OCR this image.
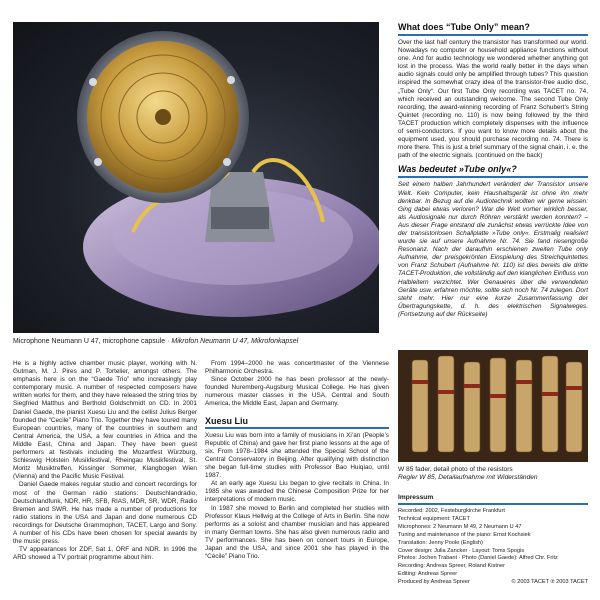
Microphone Neumann U 47, microphone capsule · Mikrofon Neumann U 47, Mikrofonkapsel

He is a highly active chamber music player, working with N. Gutman, M. J. Pires and P. Tortelier, amongst others. The emphasis here is on the “Gaede Trio” who increasingly play contemporary music. A number of respected composers have written works for them, and they have released the string trios by Siegfried Matthus and Berthold Goldschmidt on CD. In 2001 Daniel Gaede, the pianist Xuesu Liu and the cellist Julius Berger founded the “Cecile” Piano Trio. Together they have toured many European countries, many of the countries in southern and Central America, the USA, a few countries in Africa and the Middle East, China and Japan. They have been guest performers at festivals including the Mozartfest Würzburg, Schleswig Holstein Musikfestival, Rheingau Musikfestival, St. Moritz Musiktreffen, Kissinger Sommer, Klangbogen Wien (Vienna) and the Pacific Music Festival.

Daniel Gaede makes regular studio and concert recordings for most of the German radio stations: Deutschlandradio, Deutschlandfunk, NDR, HR, SFB, RIAS, MDR, SR, WDR, Radio Bremen and SWR. He has made a number of productions for radio stations in the USA and Japan and done numerous CD recordings for Deutsche Grammophon, TACET, Largo and Sony. A number of his CDs have been chosen for special awards by the music press.

TV appearances for ZDF, Sat 1, ORF and NDR. In 1996 the ARD showed a TV portrait programme about him.

From 1994–2000 he was concertmaster of the Viennese Philharmonic Orchestra.

Since October 2000 he has been professor at the newly-founded Nuremberg-Augsburg Musical College. He has given numerous master classes in the USA, Central and South America, the Middle East, Japan and Germany.

Xuesu Liu

Xuesu Liu was born into a family of musicians in Xi’an (People’s Republic of China) and gave her first piano lessons at the age of six. From 1978–1984 she attended the Special School of the Central Conservatory in Beijing. After qualifying with distinction she began full-time studies with Professor Bao Huiqiao, until 1987.

At an early age Xuesu Liu began to give recitals in China. In 1985 she was awarded the Chinese Composition Prize for her interpretations of modern music.

In 1987 she moved to Berlin and completed her studies with Professor Klaus Hellwig at the College of Arts in Berlin. She now performs as a soloist and chamber musician and has appeared in many German towns. She has also given numerous radio and TV performances. She has been on concert tours in Europe, Japan and the USA, and since 2001 she has played in the “Cécile” Piano Trio.

What does “Tube Only” mean?
Over the last half century the transistor has transformed our world. Nowadays no computer or household appliance functions without one. And for audio technology we wondered whether anything got lost in the process. Was the world really better in the days when audio signals could only be amplified through tubes? This question inspired the somewhat crazy idea of the transistor-free audio disc, „Tube Only“. Our first Tube Only recording was TACET no. 74, which received an outstanding welcome. The second Tube Only recording, the award-winning recording of Franz Schubert’s String Quintet (recording no. 110) is now being followed by the third TACET production which completely dispenses with the influence of semi-conductors. If you want to know more details about the equipment used, you should purchase recording no. 74. There is more there. This is just a brief summary of the signal chain, i. e. the path of the electric signals. (continued on the back)
Was bedeutet »Tube only«?
Seit einem halben Jahrhundert verändert der Transistor unsere Welt. Kein Computer, kein Haushaltsgerät ist ohne ihn mehr denkbar. In Bezug auf die Audiotechnik wollten wir gerne wissen: Ging dabei etwas verloren? War die Welt vorher wirklich besser, als Audiosignale nur durch Röhren verstärkt werden konnten? – Aus dieser Frage entstand die zunächst etwas verrückte Idee von der transistorlosen Schallplatte »Tube only«. Erstmalig realisiert wurde sie auf unsere Aufnahme Nr. 74. Sie fand riesengroße Resonanz. Nach der daraufhin erschienen zweiten Tube only Aufnahme, der preisgekrönten Einspielung des Streichquintettes von Franz Schubert (Aufnahme Nr. 110) ist dies bereits die dritte TACET-Produktion, die vollständig auf den klanglichen Einfluss von Halbleitern verzichtet. Wer Genaueres über die verwendeten Geräte usw. erfahren möchte, sollte sich noch Nr. 74 zulegen. Dort steht mehr. Hier nur eine kurze Zusammenfassung der Übertragungskette, d. h. des elektrischen Signalweges. (Fortsetzung auf der Rückseite)
W 85 fader, detail photo of the resistors
Regler W 85, Detailaufnahme mit Widerständen
Impressum
Recorded: 2002, Festeburgkirche Frankfurt
Technical equipment: TACET
Microphones: 2 Neumann M 49, 2 Neumann U 47
Tuning and maintenance of the piano: Ernst Kochsiek
Translation: Jenny Poole (English)
Cover design: Julia Zancker · Layout: Toms Spogis
Photos: Jochen Trabant · Photo (Daniel Gaede): Alfred Chr. Fritz
Recording: Andreas Spreer, Roland Kistner
Editing: Andreas Spreer
Produced by Andreas Spreer	© 2003 TACET ℗ 2003 TACET
